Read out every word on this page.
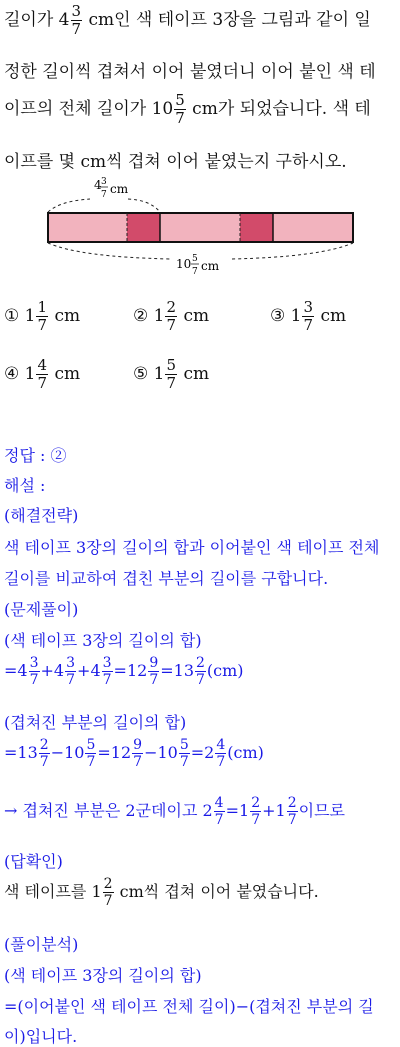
길이가 $4 \frac{3}{7}$ cm인 색 테이프 3장을 그림과 같이 일
정한 길이씩 겹쳐서 이어 붙였더니 이어 붙인 색 테
이프의 전체 길이가 $10 \frac{5}{7}$ cm가 되었습니다. 색 테
이프를 몇 cm씩 겹쳐 이어 붙였는지 구하시오.
4 3
7 cm
10 5
7 cm
① $1 \frac{1}{7}$ cm	② $1 \frac{2}{7}$ cm	③ $1 \frac{3}{7}$ cm
④ $1 \frac{4}{7}$ cm	⑤ $1 \frac{5}{7}$ cm
정답 : ②
해설 :
(해결전략)
색 테이프 3장의 길이의 합과 이어붙인 색 테이프 전체
길이를 비교하여 겹친 부분의 길이를 구합니다.
(문제풀이)
(색 테이프 3장의 길이의 합)
$=4 \frac{3}{7} +4 \frac{3}{7} +4 \frac{3}{7} =12 \frac{9}{7} =13 \frac{2}{7} (cm)$
(겹쳐진 부분의 길이의 합)
$=13 \frac{2}{7} -10 \frac{5}{7} =12 \frac{9}{7} -10 \frac{5}{7} =2 \frac{4}{7} (cm)$
→ 겹쳐진 부분은 2군데이고 $2 \frac{4}{7} =1 \frac{2}{7} +1 \frac{2}{7}$ 이므로
(답확인)
색 테이프를 $1 \frac{2}{7}$ cm씩 겹쳐 이어 붙였습니다.
(풀이분석)
(색 테이프 3장의 길이의 합)
=(이어붙인 색 테이프 전체 길이)−(겹쳐진 부분의 길
이)입니다.
